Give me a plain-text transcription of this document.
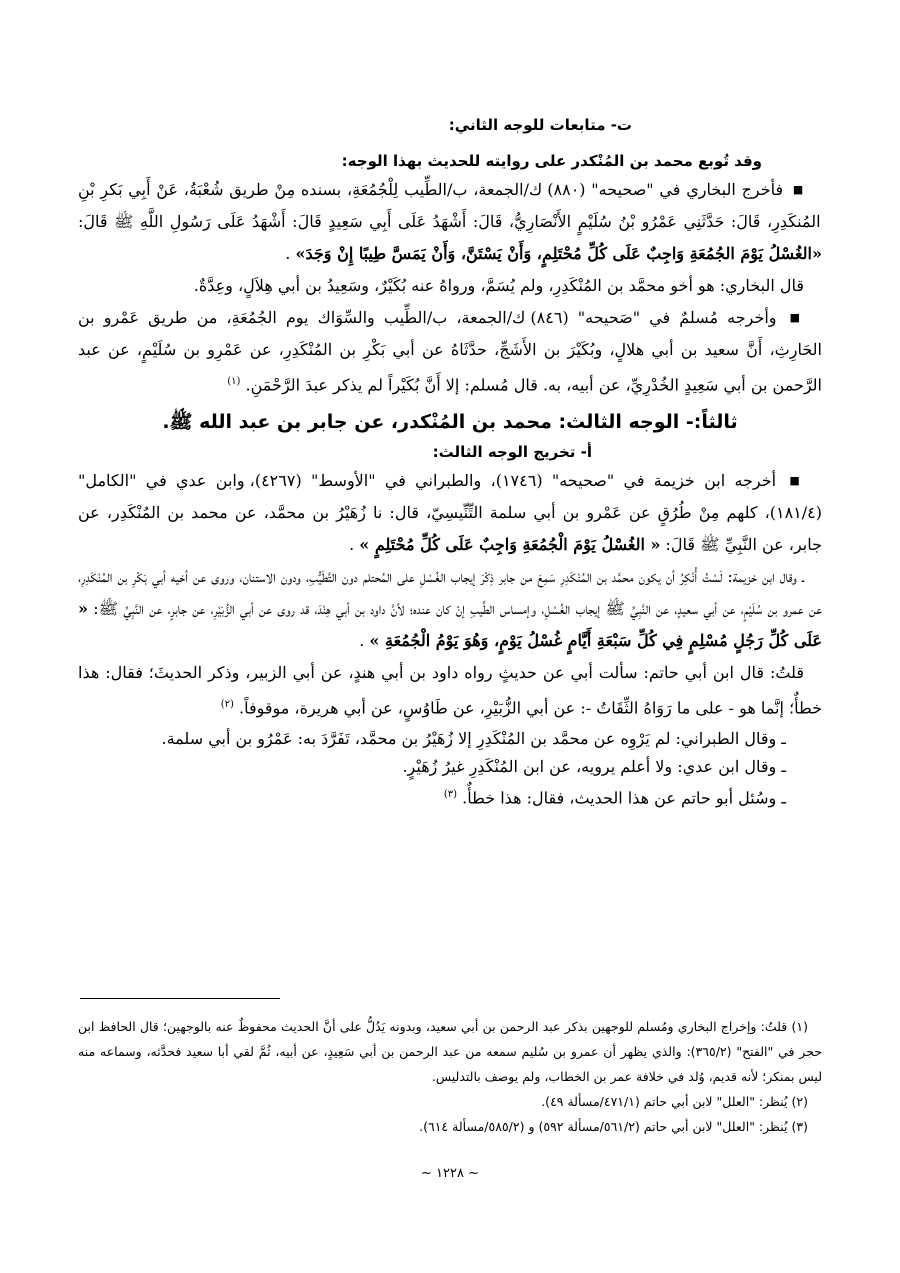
ت- متابعات للوجه الثاني:

وقد تُوبع محمد بن المُنْكدر على روايته للحديث بهذا الوجه:

■ فأخرج البخاري في "صحيحه" (٨٨٠) ك/الجمعة، ب/الطِّيب لِلْجُمُعَةِ، بسنده مِنْ طريق شُعْبَةُ، عَنْ أَبِي بَكرِ بْنِ المُنكَدِرِ، قَالَ: حَدَّثَنِي عَمْرُو بْنُ سُلَيْمٍ الأَنْصَارِيُّ، قَالَ: أَشْهَدُ عَلَى أَبِي سَعِيدٍ قَالَ: أَشْهَدُ عَلَى رَسُولِ اللَّهِ ﷺ قَالَ: «الغُسْلُ يَوْمَ الجُمُعَةِ وَاجِبٌ عَلَى كُلِّ مُحْتَلِمٍ، وَأَنْ يَسْتَنَّ، وَأَنْ يَمَسَّ طِيبًا إِنْ وَجَدَ» .

قال البخاري: هو أخو محمَّد بن المُنْكَدِرِ، ولم يُسَمَّ، ورواهُ عنه بُكَيْرٌ، وسَعِيدُ بن أبي هِلاَلٍ، وعِدَّةٌ.

■ وأخرجه مُسلمٌ في "صَحيحه" (٨٤٦) ك/الجمعة، ب/الطِّيب والسِّوَاك يوم الجُمُعَةِ، من طريق عَمْرو بن الحَارِثِ، أَنَّ سعيد بن أبي هلالٍ، وبُكَيْرَ بن الأَشَجِّ، حدَّثَاهُ عن أبي بَكْرِ بن المُنْكَدِرِ، عن عَمْرِو بن سُلَيْمٍ، عن عبد الرَّحمن بن أبي سَعِيدٍ الخُدْرِيِّ، عن أبيه، به. قال مُسلم: إلا أَنَّ بُكَيْراً لم يذكر عبدَ الرَّحْمَنِ. $^{(١)}$

ثالثاً:- الوجه الثالث: محمد بن المُنْكدر، عن جابر بن عبد الله ﷺ.

أ- تخريج الوجه الثالث:

■ أخرجه ابن خزيمة في "صحيحه" (١٧٤٦)، والطبراني في "الأوسط" (٤٢٦٧)، وابن عدي في "الكامل" (١٨١/٤)، كلهم مِنْ طُرُقٍ عن عَمْرو بن أبي سلمة التِّنِّيسِيّ، قال: نا زُهَيْرُ بن محمَّد، عن محمد بن المُنْكَدِر، عن جابر، عن النَّبِيِّ ﷺ قَالَ: « الغُسْلُ يَوْمَ الْجُمُعَةِ وَاجِبٌ عَلَى كُلِّ مُحْتَلِمٍ » .

ـ وقال ابن خزيمة: لَسْتُ أُنْكِرُ أن يكون محمَّد بن المُنْكَدِرِ سَمِعَ من جابر ذِكْرَ إيجاب الغُسْلِ على المُحتلم دون التَّطَيُّبِ، ودون الاستنان، وروى عن أخيه أبي بَكْرِ بن المُنْكَدِرِ، عن عمرو بن سُلَيْمٍ، عن أبي سعيدٍ، عن النَّبِيِّ ﷺ إيجاب الغُسْلِ، وإمساس الطِّيبِ إنْ كان عنده؛ لأنَّ داود بن أبي هِنْدَ، قد روى عن أبي الزُّبَيْرِ، عن جابرٍ، عن النَّبِيِّ ﷺ: « عَلَى كُلِّ رَجُلٍ مُسْلِمٍ فِي كُلِّ سَبْعَةِ أَيَّامٍ غُسْلُ يَوْمٍ، وَهُوَ يَوْمُ الْجُمُعَةِ » .

قلتُ: قال ابن أبي حاتم: سألت أبي عن حديثٍ رواه داود بن أبي هندٍ، عن أبي الزبير، وذكر الحديثَ؛ فقال: هذا خطأٌ؛ إنَّما هو - على ما رَوَاهُ الثِّقَاتُ -: عن أبي الزُّبَيْرِ، عن طَاوُسٍ، عن أبي هريرة، موقوفاً. $^{(٢)}$

ـ وقال الطبراني: لم يَرْوِه عن محمَّد بن المُنْكَدِرِ إلا زُهَيْرُ بن محمَّد، تَفَرَّدَ به: عَمْرُو بن أبي سلمة.

ـ وقال ابن عدي: ولا أعلم يرويه، عن ابن المُنْكَدِرِ غيرُ زُهَيْرٍ.

ـ وسُئل أبو حاتم عن هذا الحديث، فقال: هذا خطأٌ. $^{(٣)}$

(١) قلتُ: وإخراج البخاري ومُسلم للوجهين بذكر عبد الرحمن بن أبي سعيد، وبدونه يَدُلُّ على أنَّ الحديث محفوظٌ عنه بالوجهين؛ قال الحافظ ابن حجر في "الفتح" (٣٦٥/٢): والذي يظهر أن عمرو بن سُليم سمعه من عبد الرحمن بن أبي سَعِيدٍ، عن أبيه، ثُمَّ لقي أبا سعيد فحدَّثه، وسماعه منه ليس بمنكر؛ لأنه قديم، وُلد في خلافة عمر بن الخطاب، ولم يوصف بالتدليس.

(٢) يُنظر: "العلل" لابن أبي حاتم (٤٧١/١/مسألة ٤٩).

(٣) يُنظر: "العلل" لابن أبي حاتم (٥٦١/٢/مسألة ٥٩٢) و (٥٨٥/٢/مسألة ٦١٤).

~ ١٢٢٨ ~
